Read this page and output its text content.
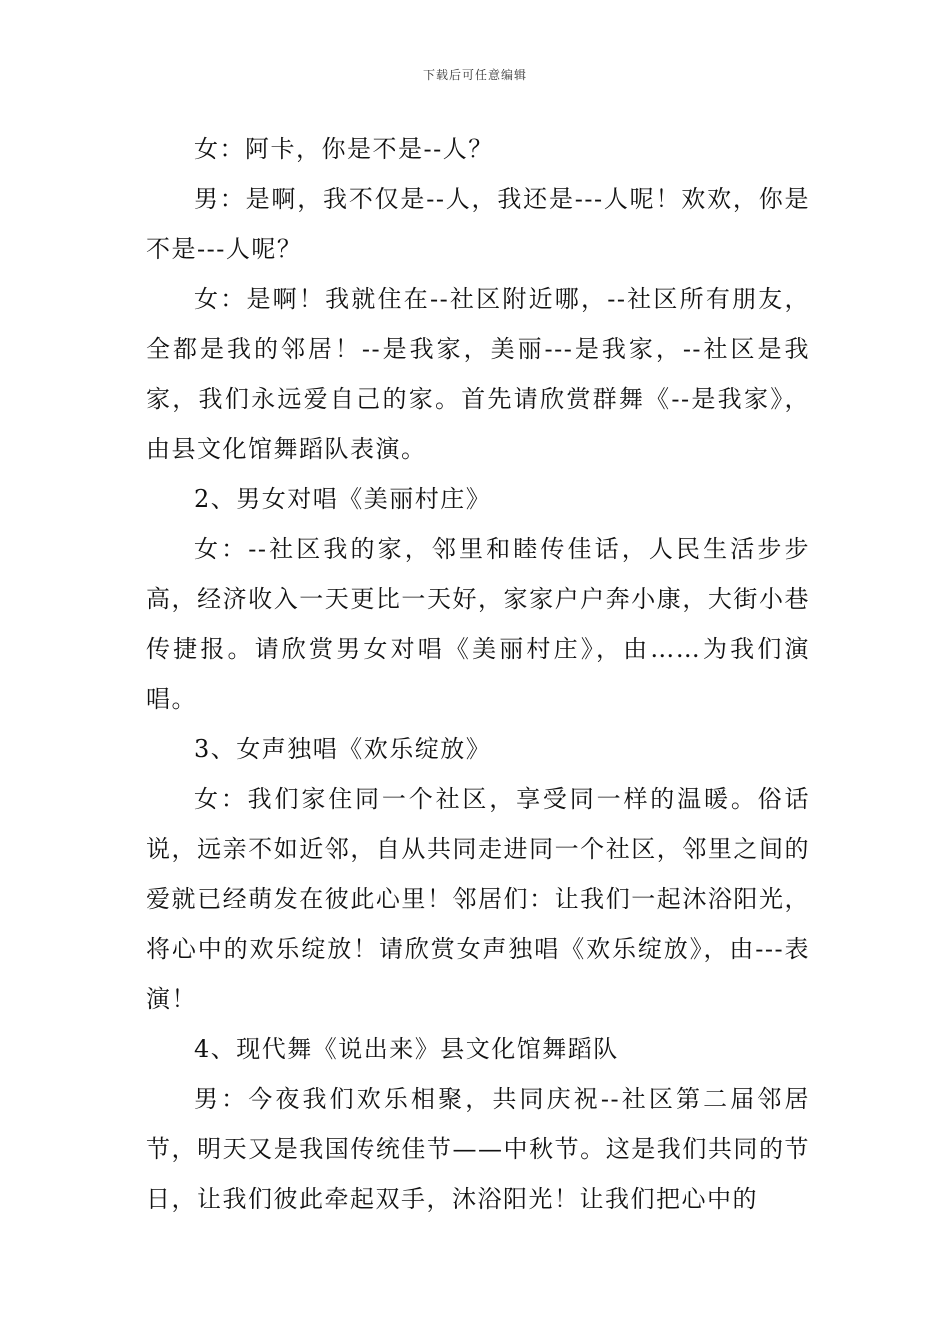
下载后可任意编辑

女：阿卡，你是不是--人？

男：是啊，我不仅是--人，我还是---人呢！欢欢，你是不是---人呢？

女：是啊！我就住在--社区附近哪，--社区所有朋友，全都是我的邻居！--是我家，美丽---是我家，--社区是我家，我们永远爱自己的家。首先请欣赏群舞《--是我家》，由县文化馆舞蹈队表演。

2、男女对唱《美丽村庄》

女：--社区我的家，邻里和睦传佳话，人民生活步步高，经济收入一天更比一天好，家家户户奔小康，大街小巷传捷报。请欣赏男女对唱《美丽村庄》，由……为我们演唱。

3、女声独唱《欢乐绽放》

女：我们家住同一个社区，享受同一样的温暖。俗话说，远亲不如近邻，自从共同走进同一个社区，邻里之间的爱就已经萌发在彼此心里！邻居们：让我们一起沐浴阳光，将心中的欢乐绽放！请欣赏女声独唱《欢乐绽放》，由---表演！

4、现代舞《说出来》县文化馆舞蹈队

男：今夜我们欢乐相聚，共同庆祝--社区第二届邻居节，明天又是我国传统佳节——中秋节。这是我们共同的节日，让我们彼此牵起双手，沐浴阳光！让我们把心中的
